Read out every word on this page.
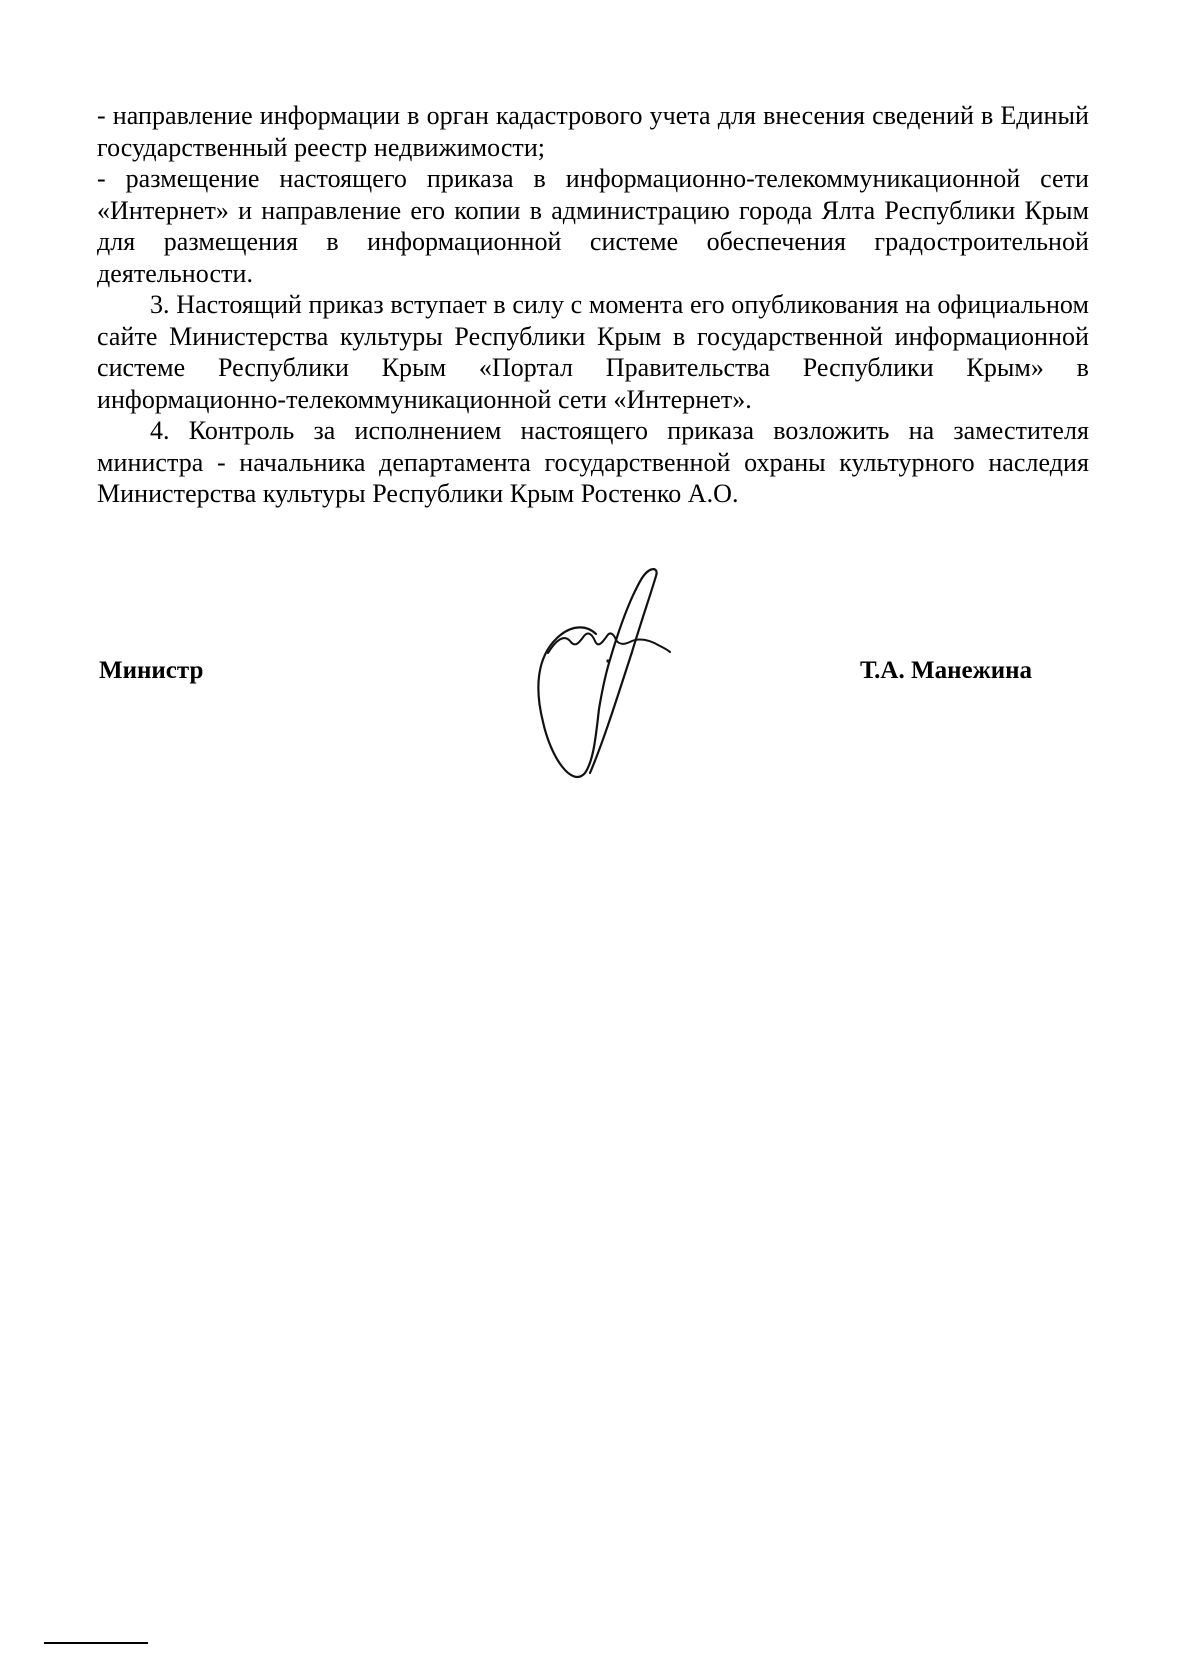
- направление информации в орган кадастрового учета для внесения сведений в Единый государственный реестр недвижимости;

- размещение настоящего приказа в информационно-телекоммуникационной сети «Интернет» и направление его копии в администрацию города Ялта Республики Крым для размещения в информационной системе обеспечения градостроительной деятельности.

3. Настоящий приказ вступает в силу с момента его опубликования на официальном сайте Министерства культуры Республики Крым в государственной информационной системе Республики Крым «Портал Правительства Республики Крым» в информационно-телекоммуникационной сети «Интернет».

4. Контроль за исполнением настоящего приказа возложить на заместителя министра - начальника департамента государственной охраны культурного наследия Министерства культуры Республики Крым Ростенко А.О.

Министр	Т.А. Манежина
